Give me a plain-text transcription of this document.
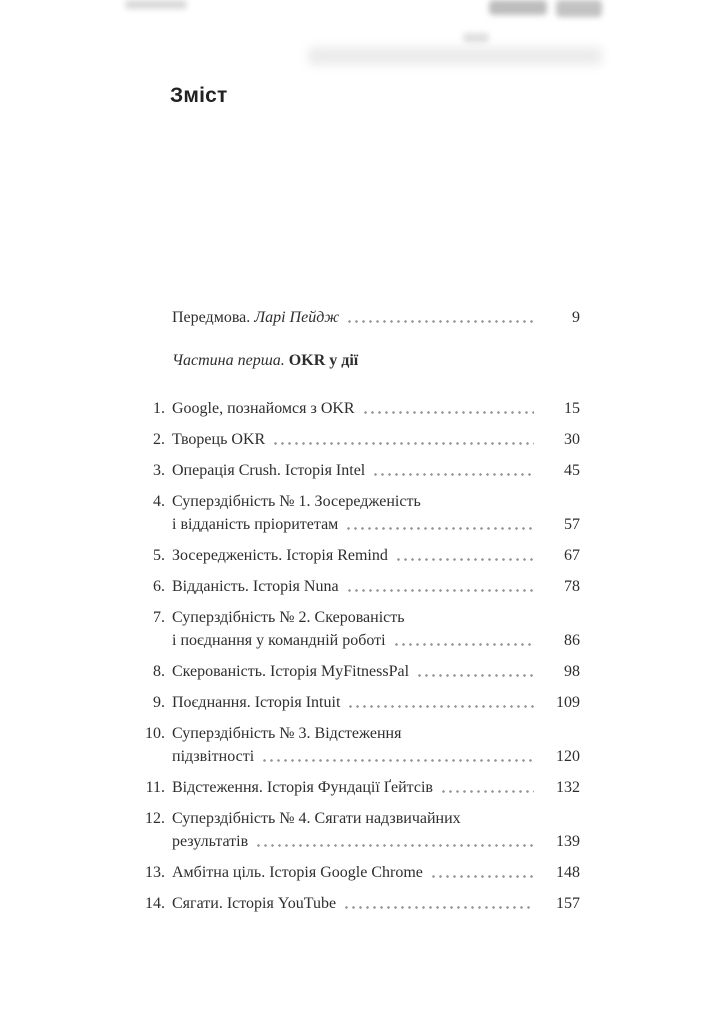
Зміст
Передмова. Ларі Пейдж	9
Частина перша. OKR у дії
1. Google, познайомся з OKR	15
2. Творець OKR	30
3. Операція Crush. Історія Intel	45
4. Суперздібність № 1. Зосередженість
і відданість пріоритетам	57
5. Зосередженість. Історія Remind	67
6. Відданість. Історія Nuna	78
7. Суперздібність № 2. Скерованість
і поєднання у командній роботі	86
8. Скерованість. Історія MyFitnessPal	98
9. Поєднання. Історія Intuit	109
10. Суперздібність № 3. Відстеження
підзвітності	120
11. Відстеження. Історія Фундації Ґейтсів	132
12. Суперздібність № 4. Сягати надзвичайних
результатів	139
13. Амбітна ціль. Історія Google Chrome	148
14. Сягати. Історія YouTube	157
